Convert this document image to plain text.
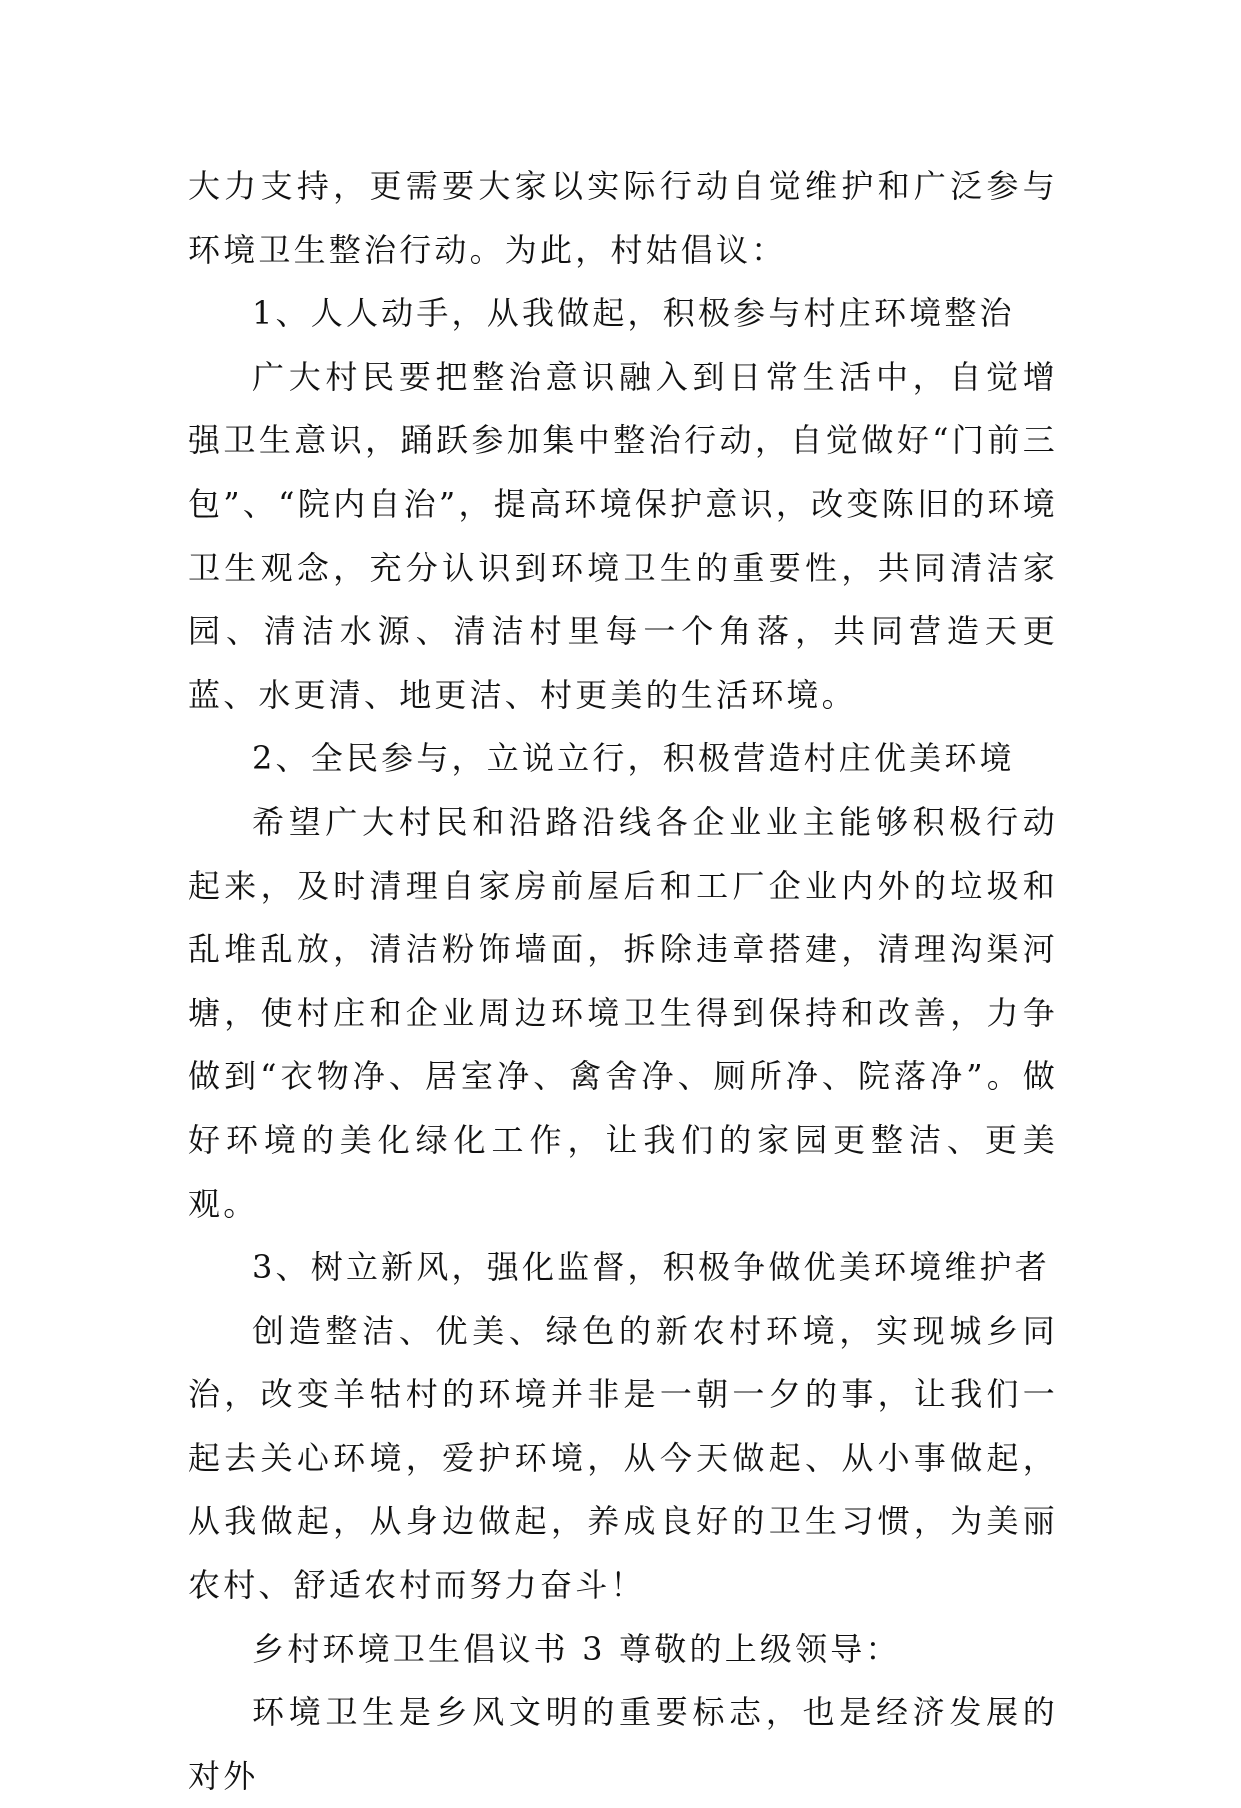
大力支持，更需要大家以实际行动自觉维护和广泛参与环境卫生整治行动。为此，村姑倡议：

1、人人动手，从我做起，积极参与村庄环境整治

广大村民要把整治意识融入到日常生活中，自觉增强卫生意识，踊跃参加集中整治行动，自觉做好“门前三包”、“院内自治”，提高环境保护意识，改变陈旧的环境卫生观念，充分认识到环境卫生的重要性，共同清洁家园、清洁水源、清洁村里每一个角落，共同营造天更蓝、水更清、地更洁、村更美的生活环境。

2、全民参与，立说立行，积极营造村庄优美环境

希望广大村民和沿路沿线各企业业主能够积极行动起来，及时清理自家房前屋后和工厂企业内外的垃圾和乱堆乱放，清洁粉饰墙面，拆除违章搭建，清理沟渠河塘，使村庄和企业周边环境卫生得到保持和改善，力争做到“衣物净、居室净、禽舍净、厕所净、院落净”。做好环境的美化绿化工作，让我们的家园更整洁、更美观。

3、树立新风，强化监督，积极争做优美环境维护者

创造整洁、优美、绿色的新农村环境，实现城乡同治，改变羊牯村的环境并非是一朝一夕的事，让我们一起去关心环境，爱护环境，从今天做起、从小事做起，从我做起，从身边做起，养成良好的卫生习惯，为美丽农村、舒适农村而努力奋斗！

乡村环境卫生倡议书 3 尊敬的上级领导：

环境卫生是乡风文明的重要标志，也是经济发展的对外
